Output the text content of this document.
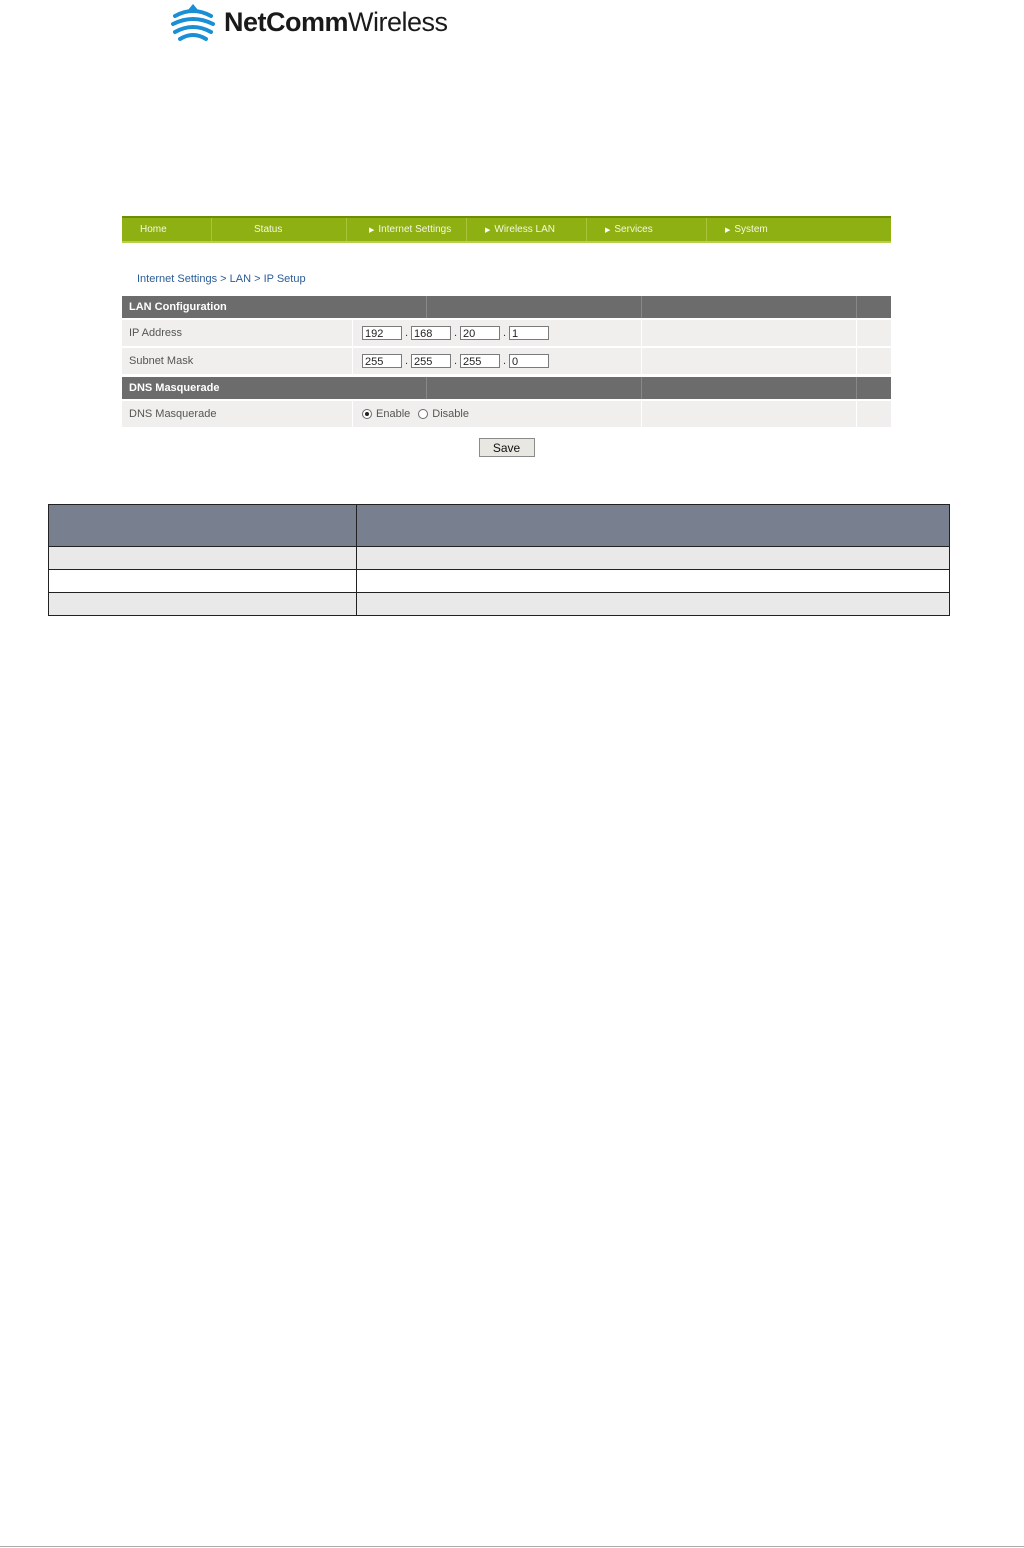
NetCommWireless
Home	Status	▶ Internet Settings	▶ Wireless LAN	▶ Services	▶ System
Internet Settings > LAN > IP Setup
LAN Configuration
IP Address	192	. 168	. 20	. 1
Subnet Mask	255	. 255	. 255	. 0
DNS Masquerade
DNS Masquerade	Enable Disable
Save
